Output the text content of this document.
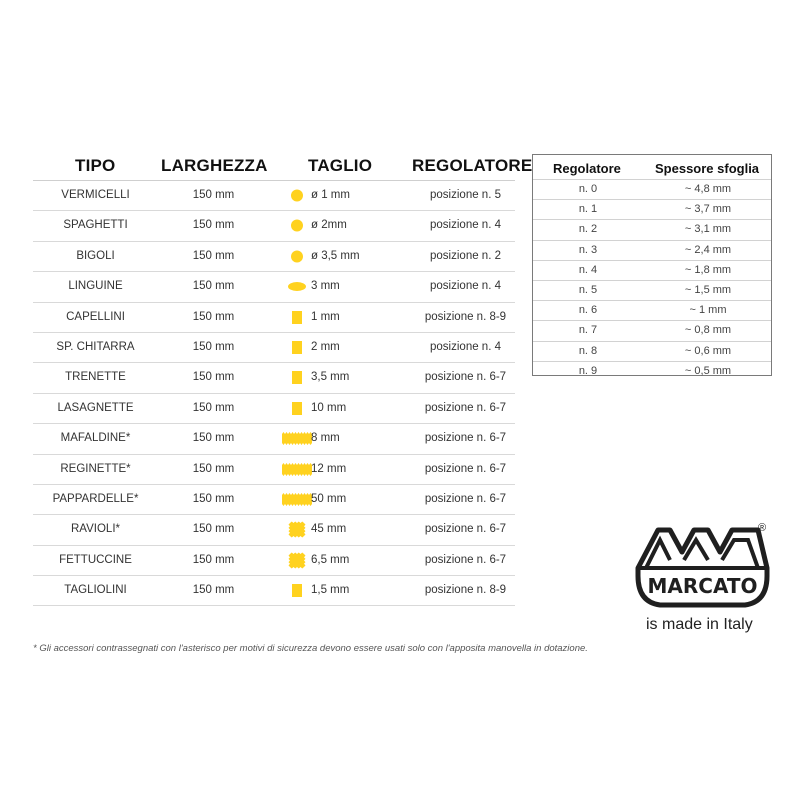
TIPO	LARGHEZZA TAGLIO REGOLATORE
VERMICELLI	150 mm	ø 1 mm	posizione n. 5
SPAGHETTI	150 mm	ø 2mm	posizione n. 4
BIGOLI	150 mm	ø 3,5 mm	posizione n. 2
LINGUINE	150 mm	3 mm	posizione n. 4
CAPELLINI	150 mm	1 mm	posizione n. 8-9
SP. CHITARRA	150 mm	2 mm	posizione n. 4
TRENETTE	150 mm	3,5 mm	posizione n. 6-7
LASAGNETTE	150 mm	10 mm	posizione n. 6-7
MAFALDINE*	150 mm	8 mm	posizione n. 6-7
REGINETTE*	150 mm	12 mm	posizione n. 6-7
PAPPARDELLE*	150 mm	50 mm	posizione n. 6-7
RAVIOLI*	150 mm	45 mm	posizione n. 6-7
FETTUCCINE	150 mm	6,5 mm	posizione n. 6-7
TAGLIOLINI	150 mm	1,5 mm	posizione n. 8-9
Regolatore	Spessore sfoglia
n. 0	~ 4,8 mm
n. 1	~ 3,7 mm
n. 2	~ 3,1 mm
n. 3	~ 2,4 mm
n. 4	~ 1,8 mm
n. 5	~ 1,5 mm
n. 6	~ 1 mm
n. 7	~ 0,8 mm
n. 8	~ 0,6 mm
n. 9	~ 0,5 mm
MARCATO
®
is made in Italy
* Gli accessori contrassegnati con l'asterisco per motivi di sicurezza devono essere usati solo con l'apposita manovella in dotazione.
